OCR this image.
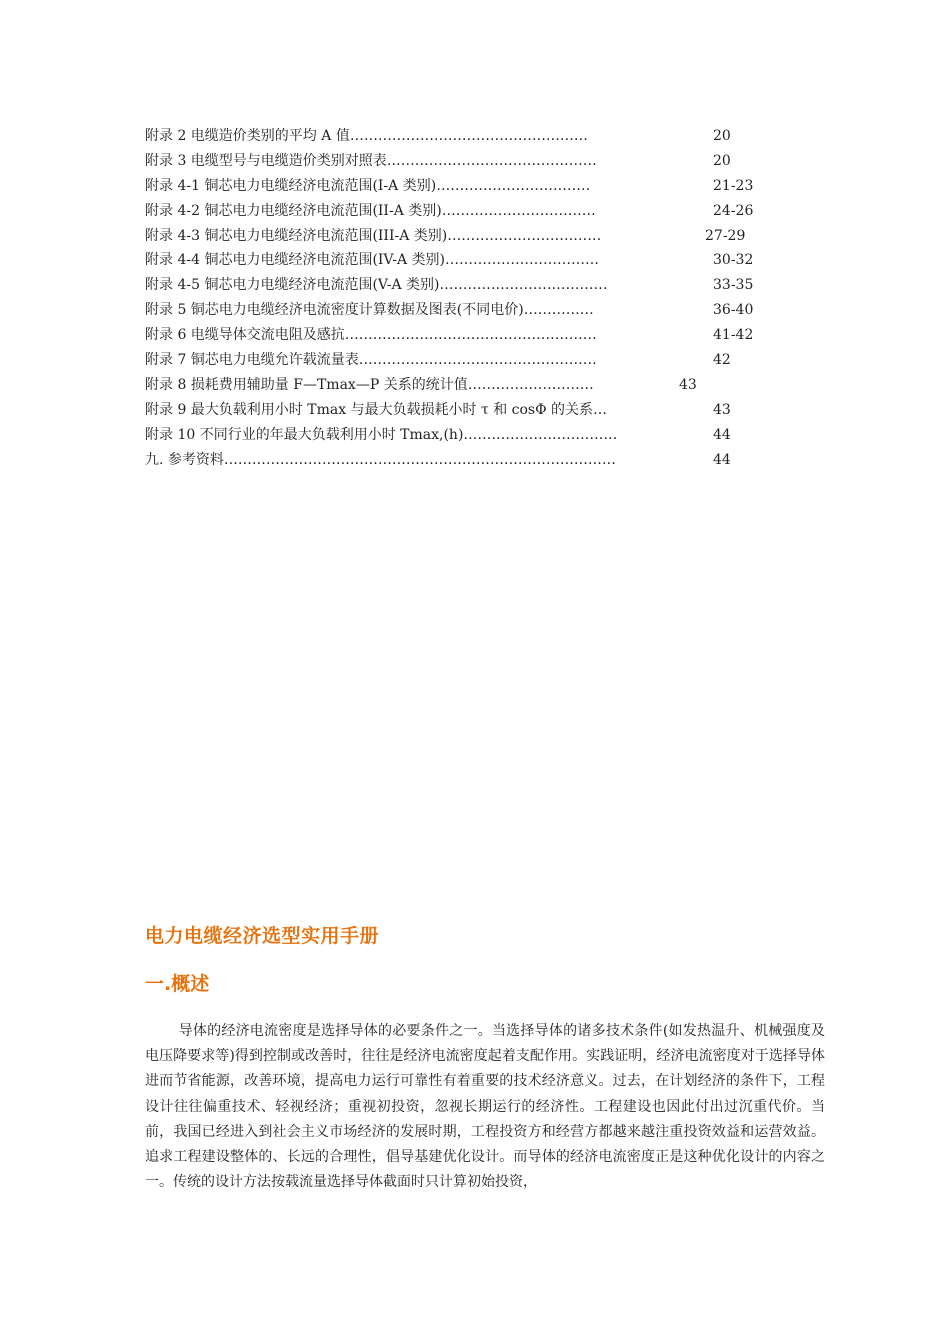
附录 2 电缆造价类别的平均 A 值……………………………………………	20
附录 3 电缆型号与电缆造价类别对照表………………………………………	20
附录 4-1 铜芯电力电缆经济电流范围(I-A 类别)……………………………	21-23
附录 4-2 铜芯电力电缆经济电流范围(II-A 类别)……………………………	24-26
附录 4-3 铜芯电力电缆经济电流范围(III-A 类别)……………………………	27-29
附录 4-4 铜芯电力电缆经济电流范围(IV-A 类别)……………………………	30-32
附录 4-5 铜芯电力电缆经济电流范围(V-A 类别)………………………………	33-35
附录 5 铜芯电力电缆经济电流密度计算数据及图表(不同电价)……………	36-40
附录 6 电缆导体交流电阻及感抗………………………………………………	41-42
附录 7 铜芯电力电缆允许载流量表……………………………………………	42
附录 8 损耗费用辅助量 F—Tmax—P 关系的统计值………………………	43
附录 9 最大负载利用小时 Tmax 与最大负载损耗小时 τ 和 cosΦ 的关系…	43
附录 10 不同行业的年最大负载利用小时 Tmax,(h)……………………………	44
九. 参考资料…………………………………………………………………………	44
电力电缆经济选型实用手册
一.概述

导体的经济电流密度是选择导体的必要条件之一。当选择导体的诸多技术条件(如发热温升、机械强度及电压降要求等)得到控制或改善时，往往是经济电流密度起着支配作用。实践证明，经济电流密度对于选择导体进而节省能源，改善环境，提高电力运行可靠性有着重要的技术经济意义。过去，在计划经济的条件下，工程设计往往偏重技术、轻视经济；重视初投资，忽视长期运行的经济性。工程建设也因此付出过沉重代价。当前，我国已经进入到社会主义市场经济的发展时期，工程投资方和经营方都越来越注重投资效益和运营效益。追求工程建设整体的、长远的合理性，倡导基建优化设计。而导体的经济电流密度正是这种优化设计的内容之一。传统的设计方法按载流量选择导体截面时只计算初始投资，
